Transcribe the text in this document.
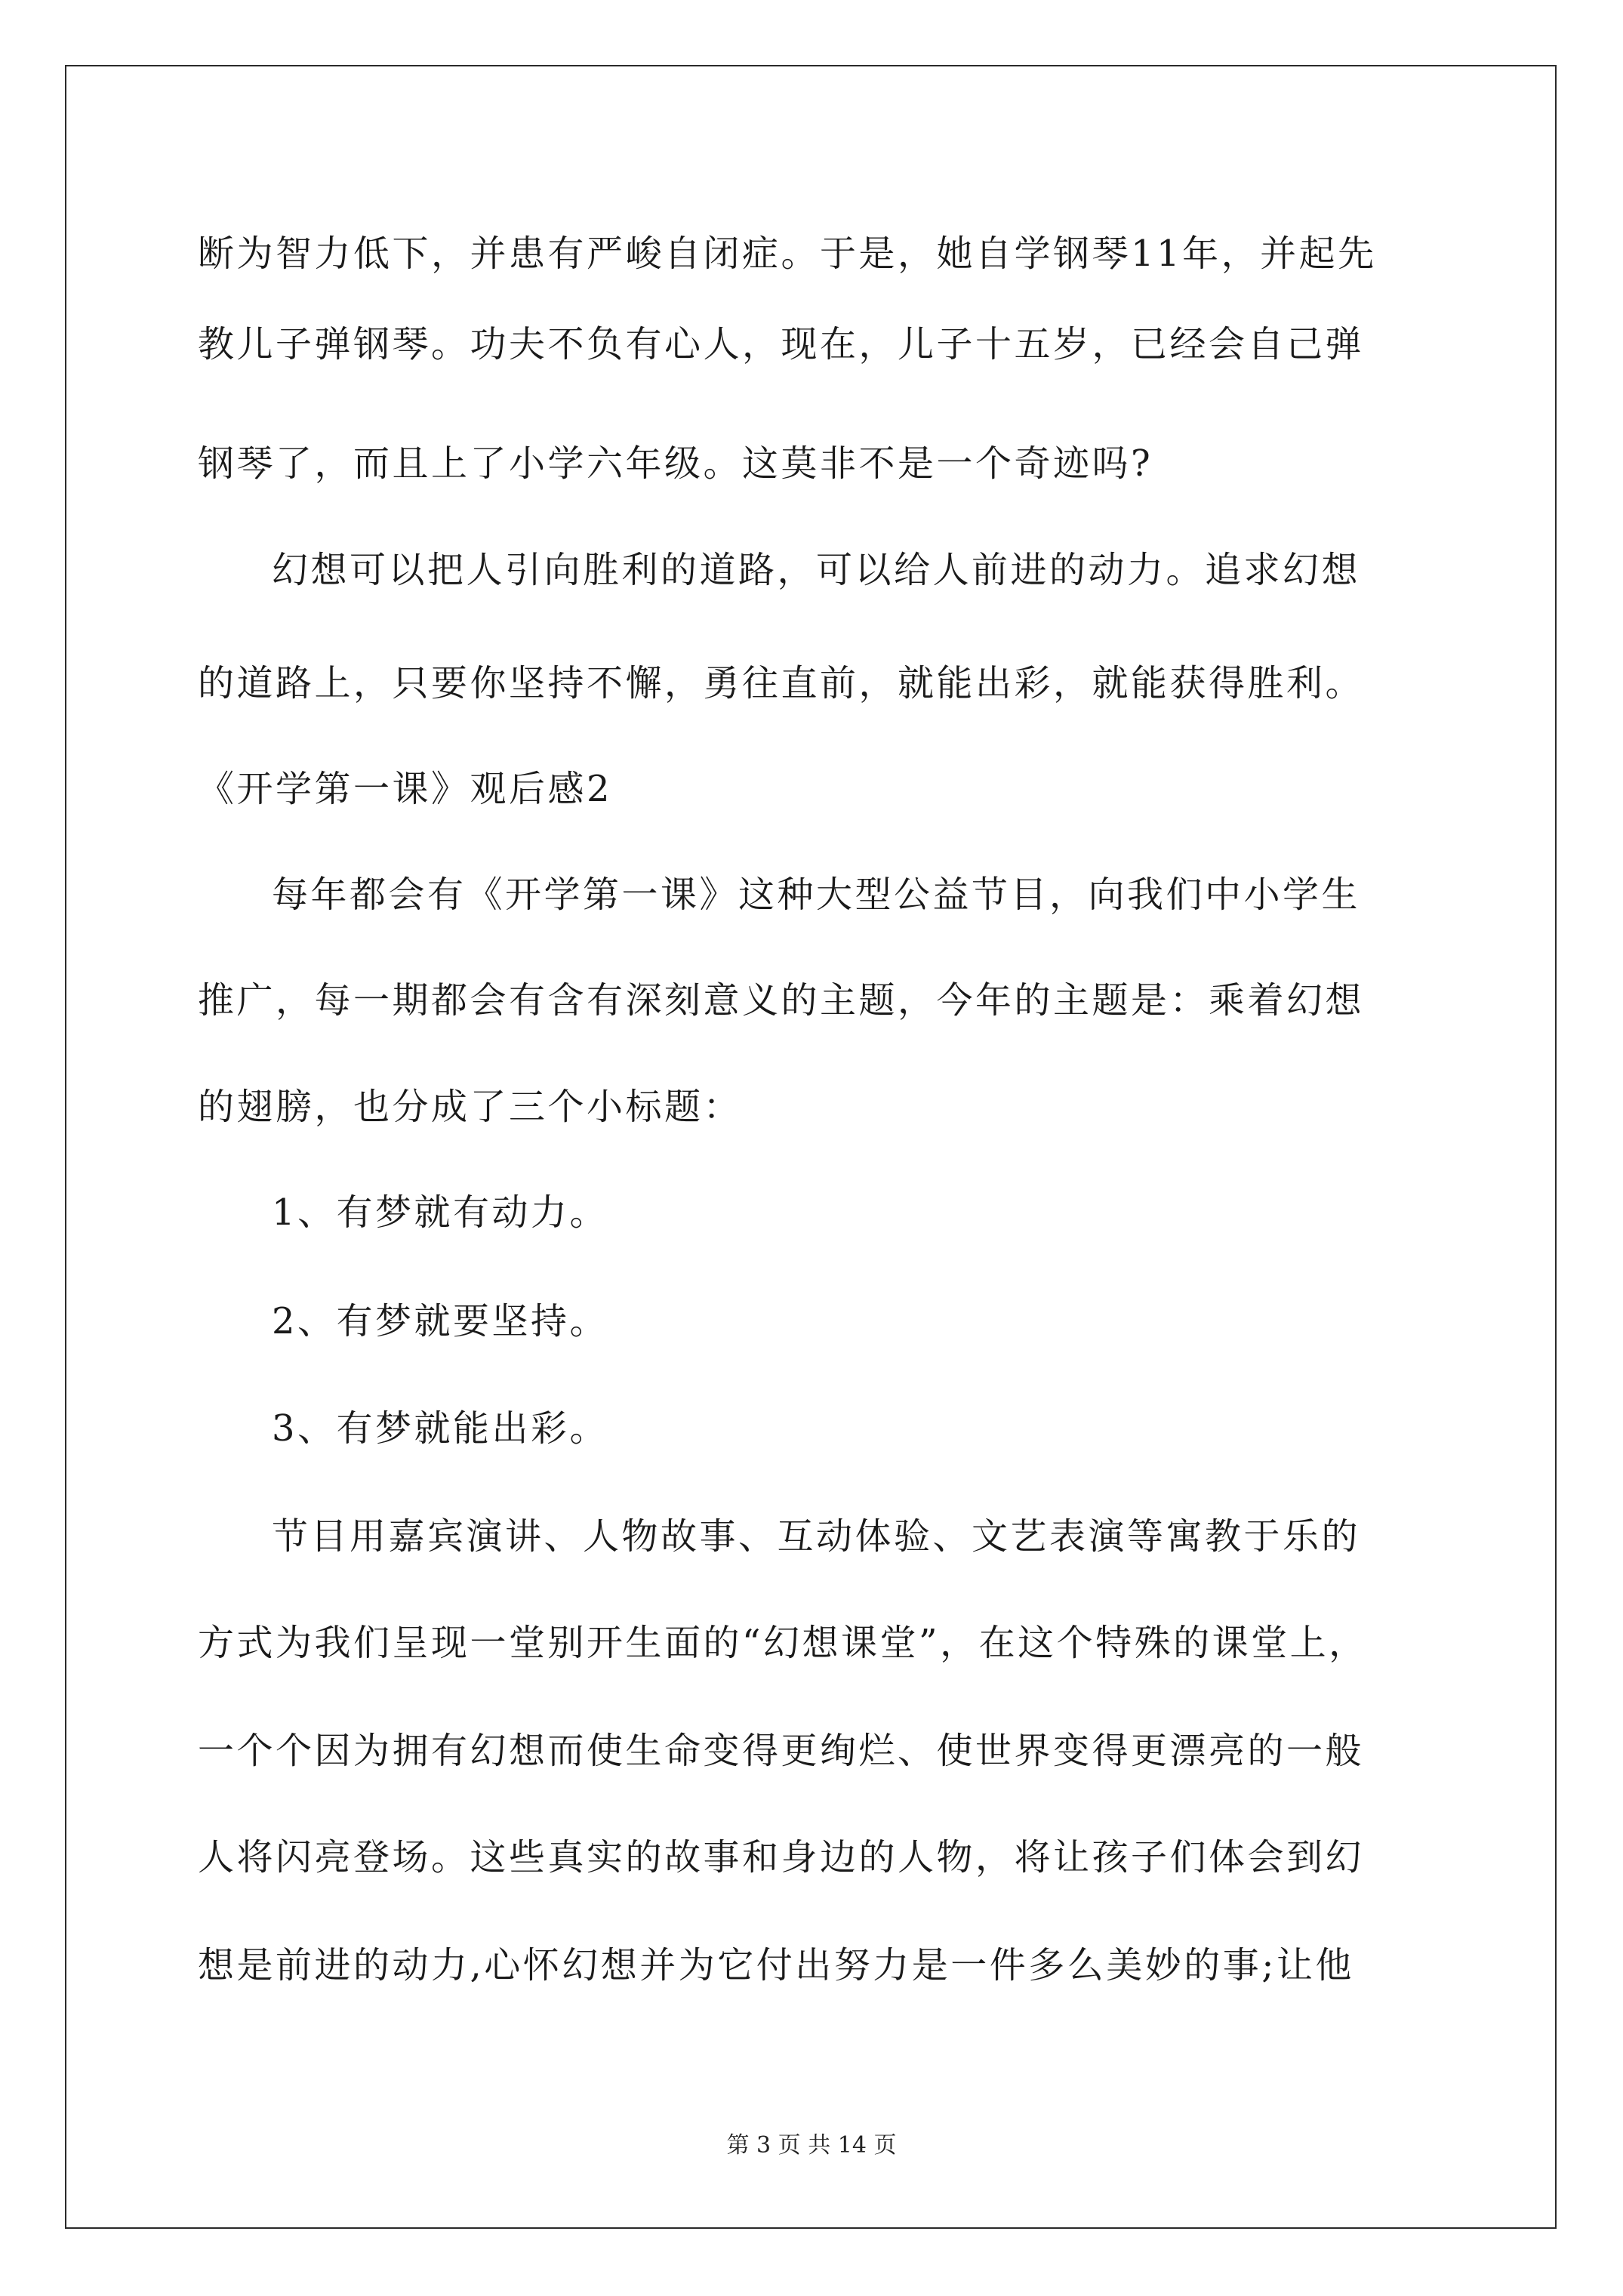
断为智力低下，并患有严峻自闭症。于是，她自学钢琴11年，并起先
教儿子弹钢琴。功夫不负有心人，现在，儿子十五岁，已经会自己弹
钢琴了，而且上了小学六年级。这莫非不是一个奇迹吗?
幻想可以把人引向胜利的道路，可以给人前进的动力。追求幻想
的道路上，只要你坚持不懈，勇往直前，就能出彩，就能获得胜利。
《开学第一课》观后感2
每年都会有《开学第一课》这种大型公益节目，向我们中小学生
推广，每一期都会有含有深刻意义的主题，今年的主题是：乘着幻想
的翅膀，也分成了三个小标题：
1、有梦就有动力。
2、有梦就要坚持。
3、有梦就能出彩。
节目用嘉宾演讲、人物故事、互动体验、文艺表演等寓教于乐的
方式为我们呈现一堂别开生面的“幻想课堂”，在这个特殊的课堂上，
一个个因为拥有幻想而使生命变得更绚烂、使世界变得更漂亮的一般
人将闪亮登场。这些真实的故事和身边的人物，将让孩子们体会到幻
想是前进的动力,心怀幻想并为它付出努力是一件多么美妙的事;让他
第 3 页 共 14 页
